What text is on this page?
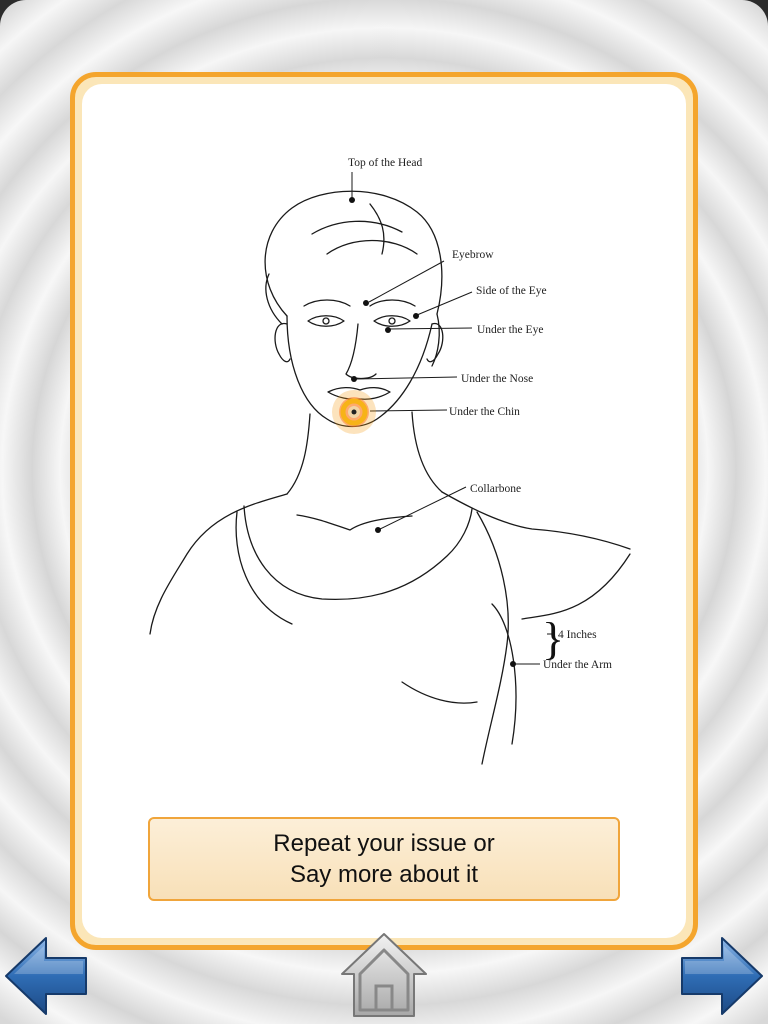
}
Top of the Head
Eyebrow
Side of the Eye
Under the Eye
Under the Nose
Under the Chin
Collarbone
4 Inches
Under the Arm
Repeat your issue or
Say more about it
